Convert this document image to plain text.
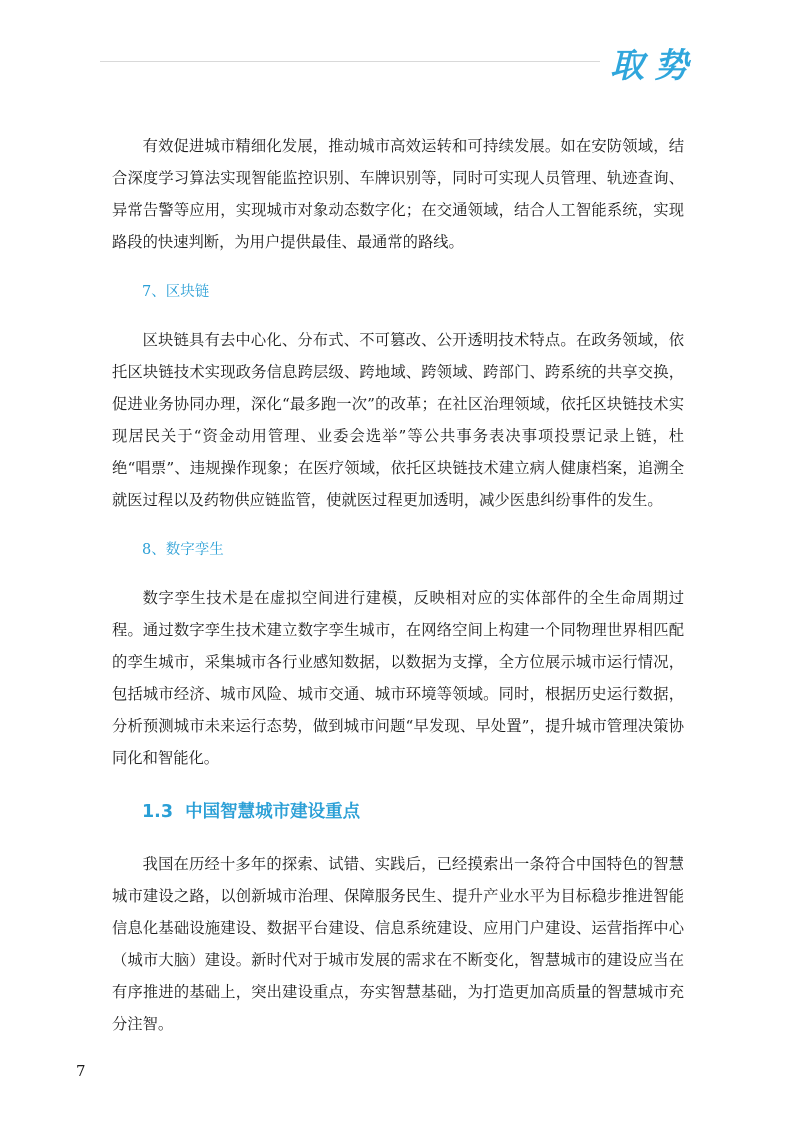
取势

有效促进城市精细化发展，推动城市高效运转和可持续发展。如在安防领域，结合深度学习算法实现智能监控识别、车牌识别等，同时可实现人员管理、轨迹查询、异常告警等应用，实现城市对象动态数字化；在交通领域，结合人工智能系统，实现路段的快速判断，为用户提供最佳、最通常的路线。

7、区块链

区块链具有去中心化、分布式、不可篡改、公开透明技术特点。在政务领域，依托区块链技术实现政务信息跨层级、跨地域、跨领域、跨部门、跨系统的共享交换，促进业务协同办理，深化“最多跑一次”的改革；在社区治理领域，依托区块链技术实现居民关于“资金动用管理、业委会选举”等公共事务表决事项投票记录上链，杜绝“唱票”、违规操作现象；在医疗领域，依托区块链技术建立病人健康档案，追溯全就医过程以及药物供应链监管，使就医过程更加透明，减少医患纠纷事件的发生。

8、数字孪生

数字孪生技术是在虚拟空间进行建模，反映相对应的实体部件的全生命周期过程。通过数字孪生技术建立数字孪生城市，在网络空间上构建一个同物理世界相匹配的孪生城市，采集城市各行业感知数据，以数据为支撑，全方位展示城市运行情况，包括城市经济、城市风险、城市交通、城市环境等领域。同时，根据历史运行数据，分析预测城市未来运行态势，做到城市问题“早发现、早处置”，提升城市管理决策协同化和智能化。

1.3 中国智慧城市建设重点

我国在历经十多年的探索、试错、实践后，已经摸索出一条符合中国特色的智慧城市建设之路，以创新城市治理、保障服务民生、提升产业水平为目标稳步推进智能信息化基础设施建设、数据平台建设、信息系统建设、应用门户建设、运营指挥中心（城市大脑）建设。新时代对于城市发展的需求在不断变化，智慧城市的建设应当在有序推进的基础上，突出建设重点，夯实智慧基础，为打造更加高质量的智慧城市充分注智。

7
